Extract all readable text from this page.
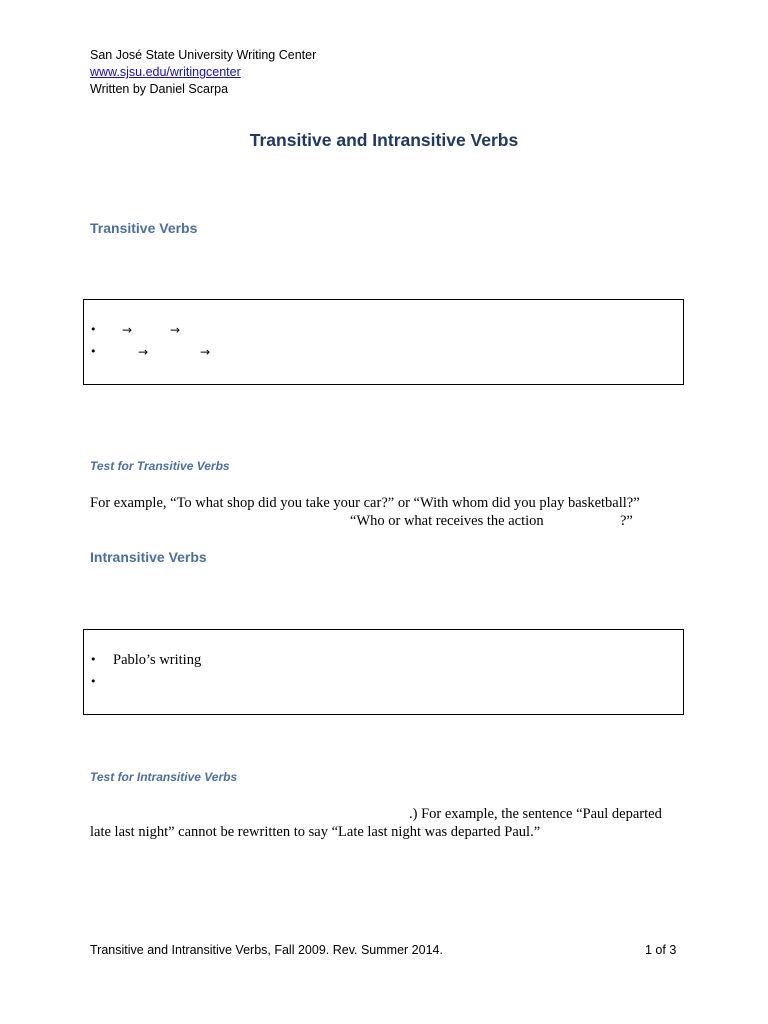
San José State University Writing Center
www.sjsu.edu/writingcenter
Written by Daniel Scarpa
Transitive and Intransitive Verbs
Transitive Verbs
• →	→
•	→	→
Test for Transitive Verbs
For example, “To what shop did you take your car?” or “With whom did you play basketball?”
“Who or what receives the action	?”
Intransitive Verbs
• Pablo’s writing
•
Test for Intransitive Verbs
.) For example, the sentence “Paul departed
late last night” cannot be rewritten to say “Late last night was departed Paul.”
Transitive and Intransitive Verbs, Fall 2009. Rev. Summer 2014.	1 of 3
